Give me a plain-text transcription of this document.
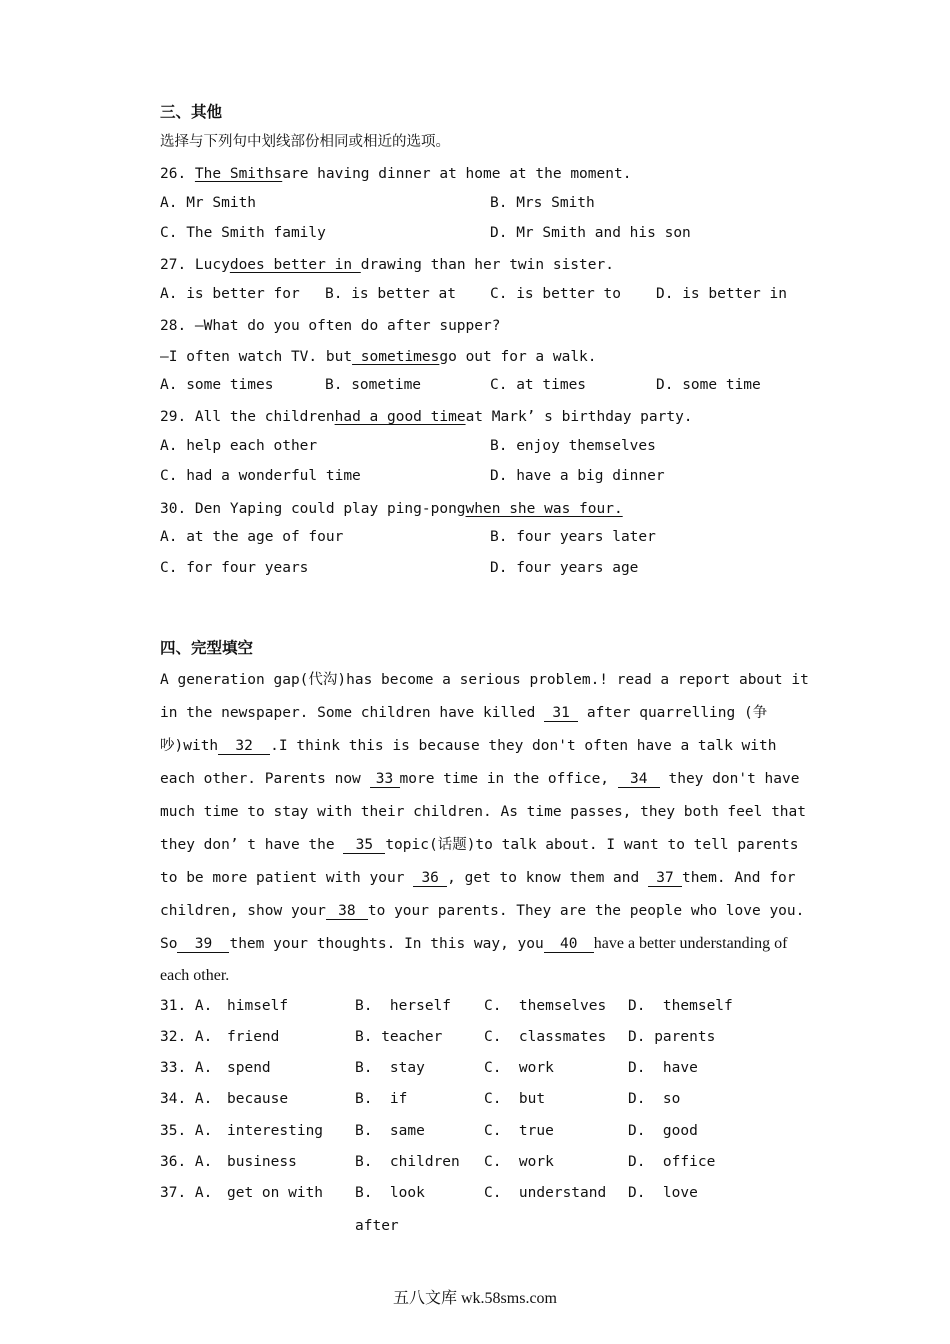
三、其他
选择与下列句中划线部份相同或相近的选项。
26. The Smithsare having dinner at home at the moment.
A. Mr Smith	B. Mrs Smith
C. The Smith family	D. Mr Smith and his son
27. Lucydoes better in drawing than her twin sister.
A. is better for B. is better at C. is better to D. is better in
28. —What do you often do after supper?
—I often watch TV. but sometimesgo out for a walk.
A. some times	B. sometime	C. at times	D. some time
29. All the childrenhad a good timeat Mark’ s birthday party.
A. help each other	B. enjoy themselves
C. had a wonderful time	D. have a big dinner
30. Den Yaping could play ping-pongwhen she was four.
A. at the age of four	B. four years later
C. for four years	D. four years age
四、完型填空
A generation gap(代沟)has become a serious problem.! read a report about it
in the newspaper. Some children have killed 31 after quarrelling (争
吵)with 32 .I think this is because they don't often have a talk with
each other. Parents now 33 more time in the office, 34 they don't have
much time to stay with their children. As time passes, they both feel that
they don’ t have the 35 topic(话题)to talk about. I want to tell parents
to be more patient with your 36 , get to know them and 37 them. And for
children, show your 38 to your parents. They are the people who love you.
So 39 them your thoughts. In this way, you 40 have a better understanding of
each other.
31. A. himself	B.  herself C.  themselves D.  themself
32. A. friend	B. teacher	C.  classmates D. parents
33. A. spend	B.  stay	C.  work	D.  have
34. A. because	B.  if	C.  but	D.  so
35. A. interesting B.  same	C.  true	D.  good
36. A. business	B.  children C.  work	D.  office
37. A. get on with B.  look	C.  understand D.  love
after
五八文库 wk.58sms.com
